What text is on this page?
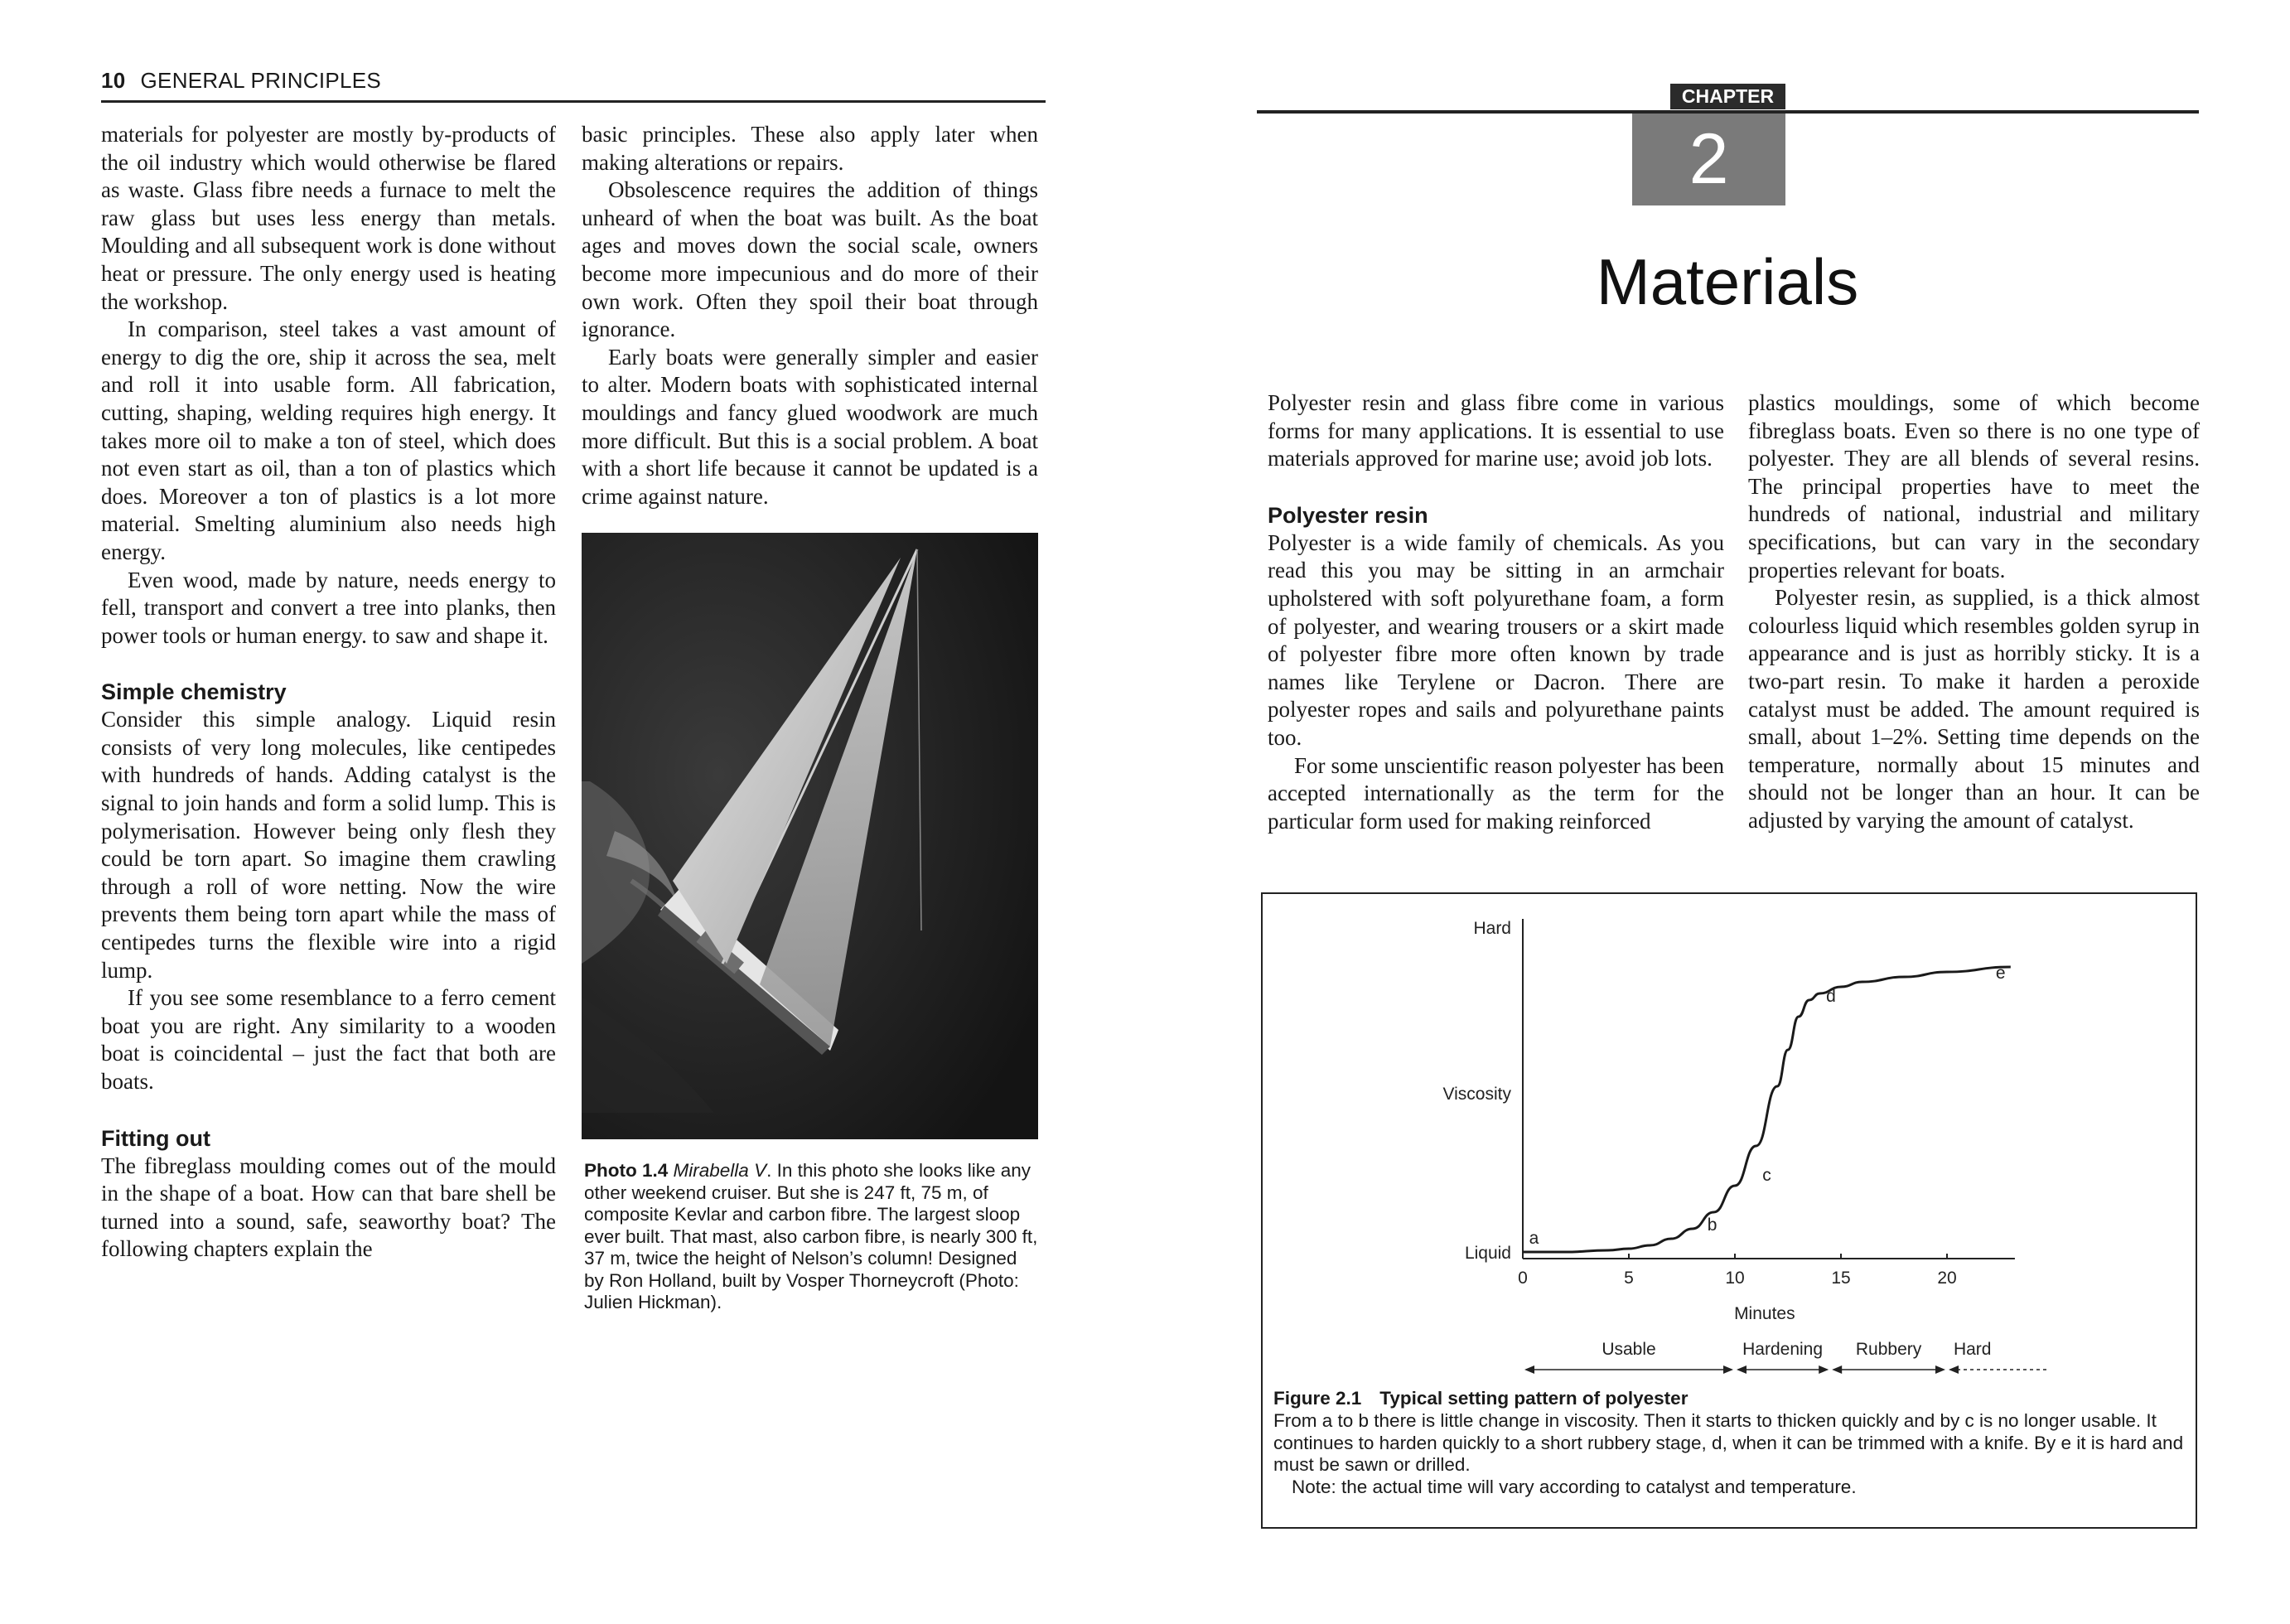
10 GENERAL PRINCIPLES

materials for polyester are mostly by-products of the oil industry which would otherwise be flared as waste. Glass fibre needs a furnace to melt the raw glass but uses less energy than metals. Moulding and all subsequent work is done without heat or pressure. The only energy used is heating the workshop.

In comparison, steel takes a vast amount of energy to dig the ore, ship it across the sea, melt and roll it into usable form. All fabrication, cutting, shaping, welding requires high energy. It takes more oil to make a ton of steel, which does not even start as oil, than a ton of plastics which does. Moreover a ton of plastics is a lot more material. Smelting aluminium also needs high energy.

Even wood, made by nature, needs energy to fell, transport and convert a tree into planks, then power tools or human energy. to saw and shape it.

Simple chemistry

Consider this simple analogy. Liquid resin consists of very long molecules, like centipedes with hundreds of hands. Adding catalyst is the signal to join hands and form a solid lump. This is polymerisation. However being only flesh they could be torn apart. So imagine them crawling through a roll of wore netting. Now the wire prevents them being torn apart while the mass of centipedes turns the flexible wire into a rigid lump.

If you see some resemblance to a ferro cement boat you are right. Any similarity to a wooden boat is coincidental – just the fact that both are boats.

Fitting out

The fibreglass moulding comes out of the mould in the shape of a boat. How can that bare shell be turned into a sound, safe, seaworthy boat? The following chapters explain the

basic principles. These also apply later when making alterations or repairs.

Obsolescence requires the addition of things unheard of when the boat was built. As the boat ages and moves down the social scale, owners become more impecunious and do more of their own work. Often they spoil their boat through ignorance.

Early boats were generally simpler and easier to alter. Modern boats with sophisticated internal mouldings and fancy glued woodwork are much more difficult. But this is a social problem. A boat with a short life because it cannot be updated is a crime against nature.

Photo 1.4 Mirabella V. In this photo she looks like any other weekend cruiser. But she is 247 ft, 75 m, of composite Kevlar and carbon fibre. The largest sloop ever built. That mast, also carbon fibre, is nearly 300 ft, 37 m, twice the height of Nelson’s column! Designed by Ron Holland, built by Vosper Thorneycroft (Photo: Julien Hickman).
CHAPTER
2
Materials

Polyester resin and glass fibre come in various forms for many applications. It is essential to use materials approved for marine use; avoid job lots.

Polyester resin

Polyester is a wide family of chemicals. As you read this you may be sitting in an armchair upholstered with soft polyurethane foam, a form of polyester, and wearing trousers or a skirt made of polyester fibre more often known by trade names like Terylene or Dacron. There are polyester ropes and sails and polyurethane paints too.

For some unscientific reason polyester has been accepted internationally as the term for the particular form used for making reinforced

plastics mouldings, some of which become fibreglass boats. Even so there is no one type of polyester. They are all blends of several resins. The principal properties have to meet the hundreds of national, industrial and military specifications, but can vary in the secondary properties relevant for boats.

Polyester resin, as supplied, is a thick almost colourless liquid which resembles golden syrup in appearance and is just as horribly sticky. It is a two-part resin. To make it harden a peroxide catalyst must be added. The amount required is small, about 1–2%. Setting time depends on the temperature, normally about 15 minutes and should not be longer than an hour. It can be adjusted by varying the amount of catalyst.

0	5	10	15	20
Minutes
Liquid
Viscosity
Hard
a
b
c
d
e
Usable	Hardening Rubbery Hard
Figure 2.1 Typical setting pattern of polyester
From a to b there is little change in viscosity. Then it starts to thicken quickly and by c is no longer usable. It continues to harden quickly to a short rubbery stage, d, when it can be trimmed with a knife. By e it is hard and must be sawn or drilled.
Note: the actual time will vary according to catalyst and temperature.
